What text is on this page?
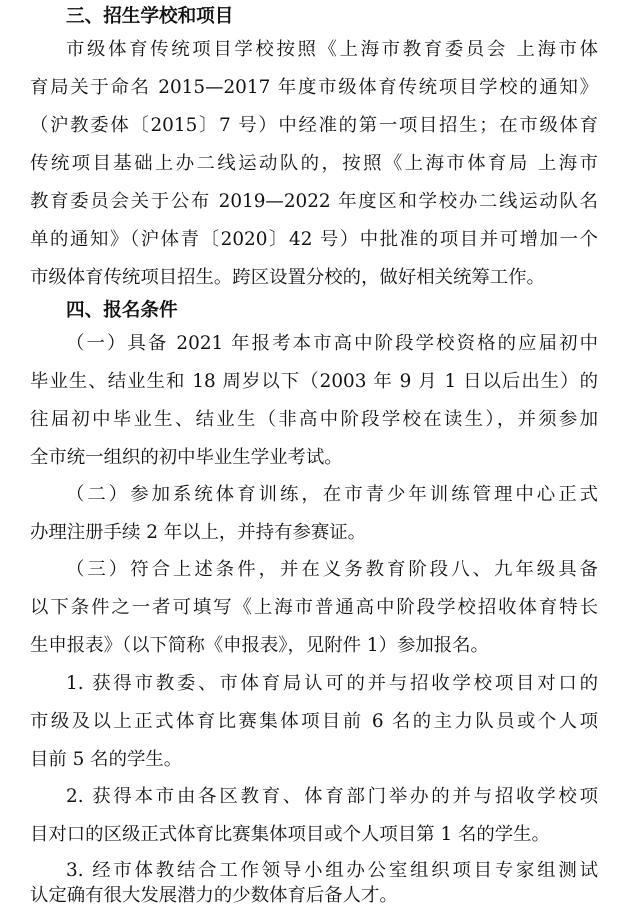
三、招生学校和项目
市级体育传统项目学校按照《上海市教育委员会 上海市体
育局关于命名 2015—2017 年度市级体育传统项目学校的通知》
（沪教委体〔2015〕7 号）中经准的第一项目招生；在市级体育
传统项目基础上办二线运动队的，按照《上海市体育局 上海市
教育委员会关于公布 2019—2022 年度区和学校办二线运动队名
单的通知》（沪体青〔2020〕42 号）中批准的项目并可增加一个
市级体育传统项目招生。跨区设置分校的，做好相关统筹工作。
四、报名条件
（一）具备 2021 年报考本市高中阶段学校资格的应届初中
毕业生、结业生和 18 周岁以下（2003 年 9 月 1 日以后出生）的
往届初中毕业生、结业生（非高中阶段学校在读生），并须参加
全市统一组织的初中毕业生学业考试。
（二）参加系统体育训练，在市青少年训练管理中心正式
办理注册手续 2 年以上，并持有参赛证。
（三）符合上述条件，并在义务教育阶段八、九年级具备
以下条件之一者可填写《上海市普通高中阶段学校招收体育特长
生申报表》（以下简称《申报表》，见附件 1）参加报名。
1. 获得市教委、市体育局认可的并与招收学校项目对口的
市级及以上正式体育比赛集体项目前 6 名的主力队员或个人项
目前 5 名的学生。
2. 获得本市由各区教育、体育部门举办的并与招收学校项
目对口的区级正式体育比赛集体项目或个人项目第 1 名的学生。
3. 经市体教结合工作领导小组办公室组织项目专家组测试
认定确有很大发展潜力的少数体育后备人才。
